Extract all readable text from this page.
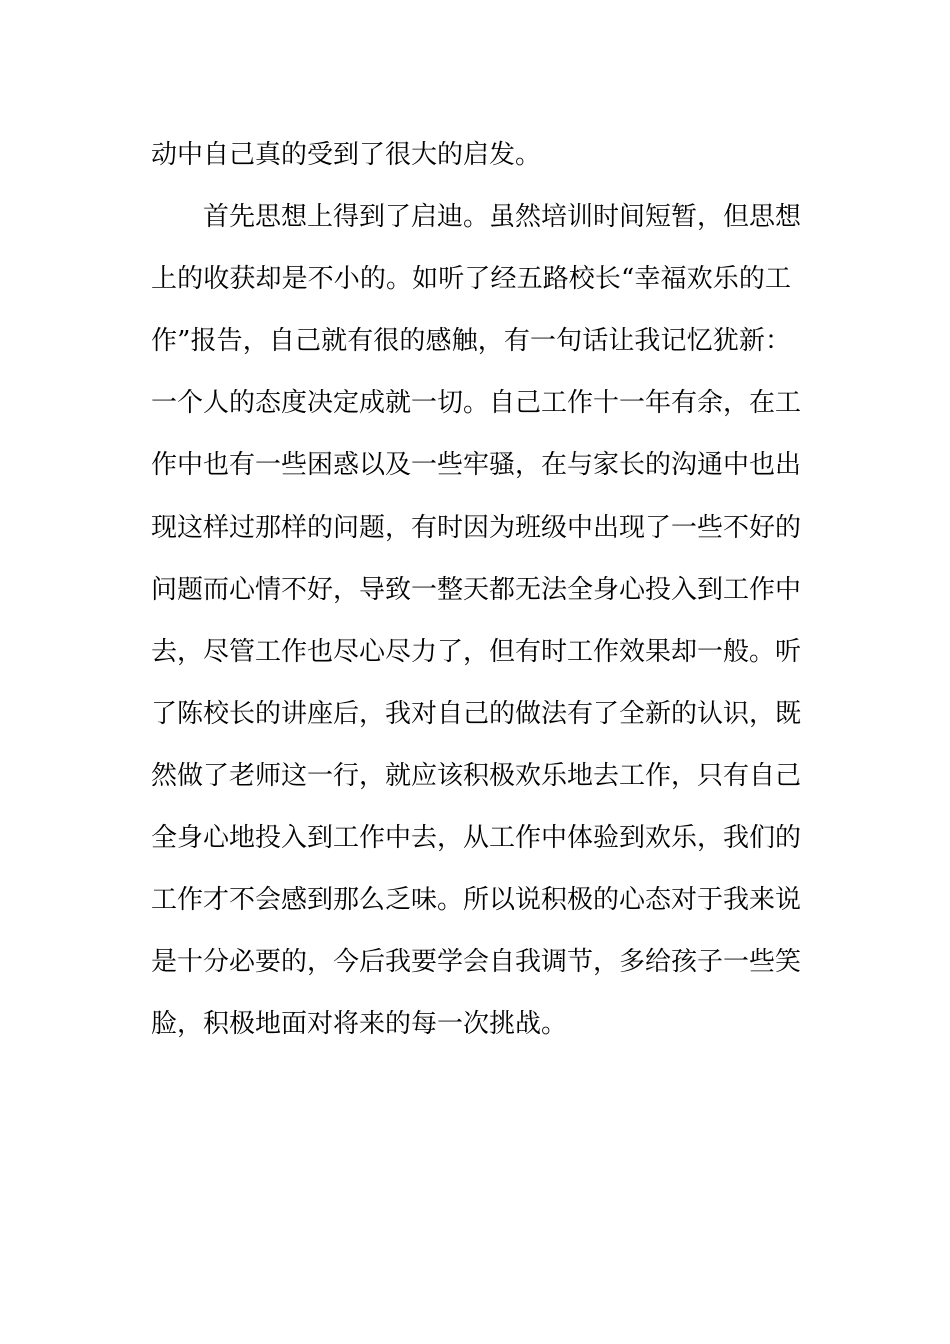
动中自己真的受到了很大的启发。
首先思想上得到了启迪。虽然培训时间短暂，但思想
上的收获却是不小的。如听了经五路校长“幸福欢乐的工
作”报告，自己就有很的感触，有一句话让我记忆犹新：
一个人的态度决定成就一切。自己工作十一年有余，在工
作中也有一些困惑以及一些牢骚，在与家长的沟通中也出
现这样过那样的问题，有时因为班级中出现了一些不好的
问题而心情不好，导致一整天都无法全身心投入到工作中
去，尽管工作也尽心尽力了，但有时工作效果却一般。听
了陈校长的讲座后，我对自己的做法有了全新的认识，既
然做了老师这一行，就应该积极欢乐地去工作，只有自己
全身心地投入到工作中去，从工作中体验到欢乐，我们的
工作才不会感到那么乏味。所以说积极的心态对于我来说
是十分必要的，今后我要学会自我调节，多给孩子一些笑
脸，积极地面对将来的每一次挑战。
